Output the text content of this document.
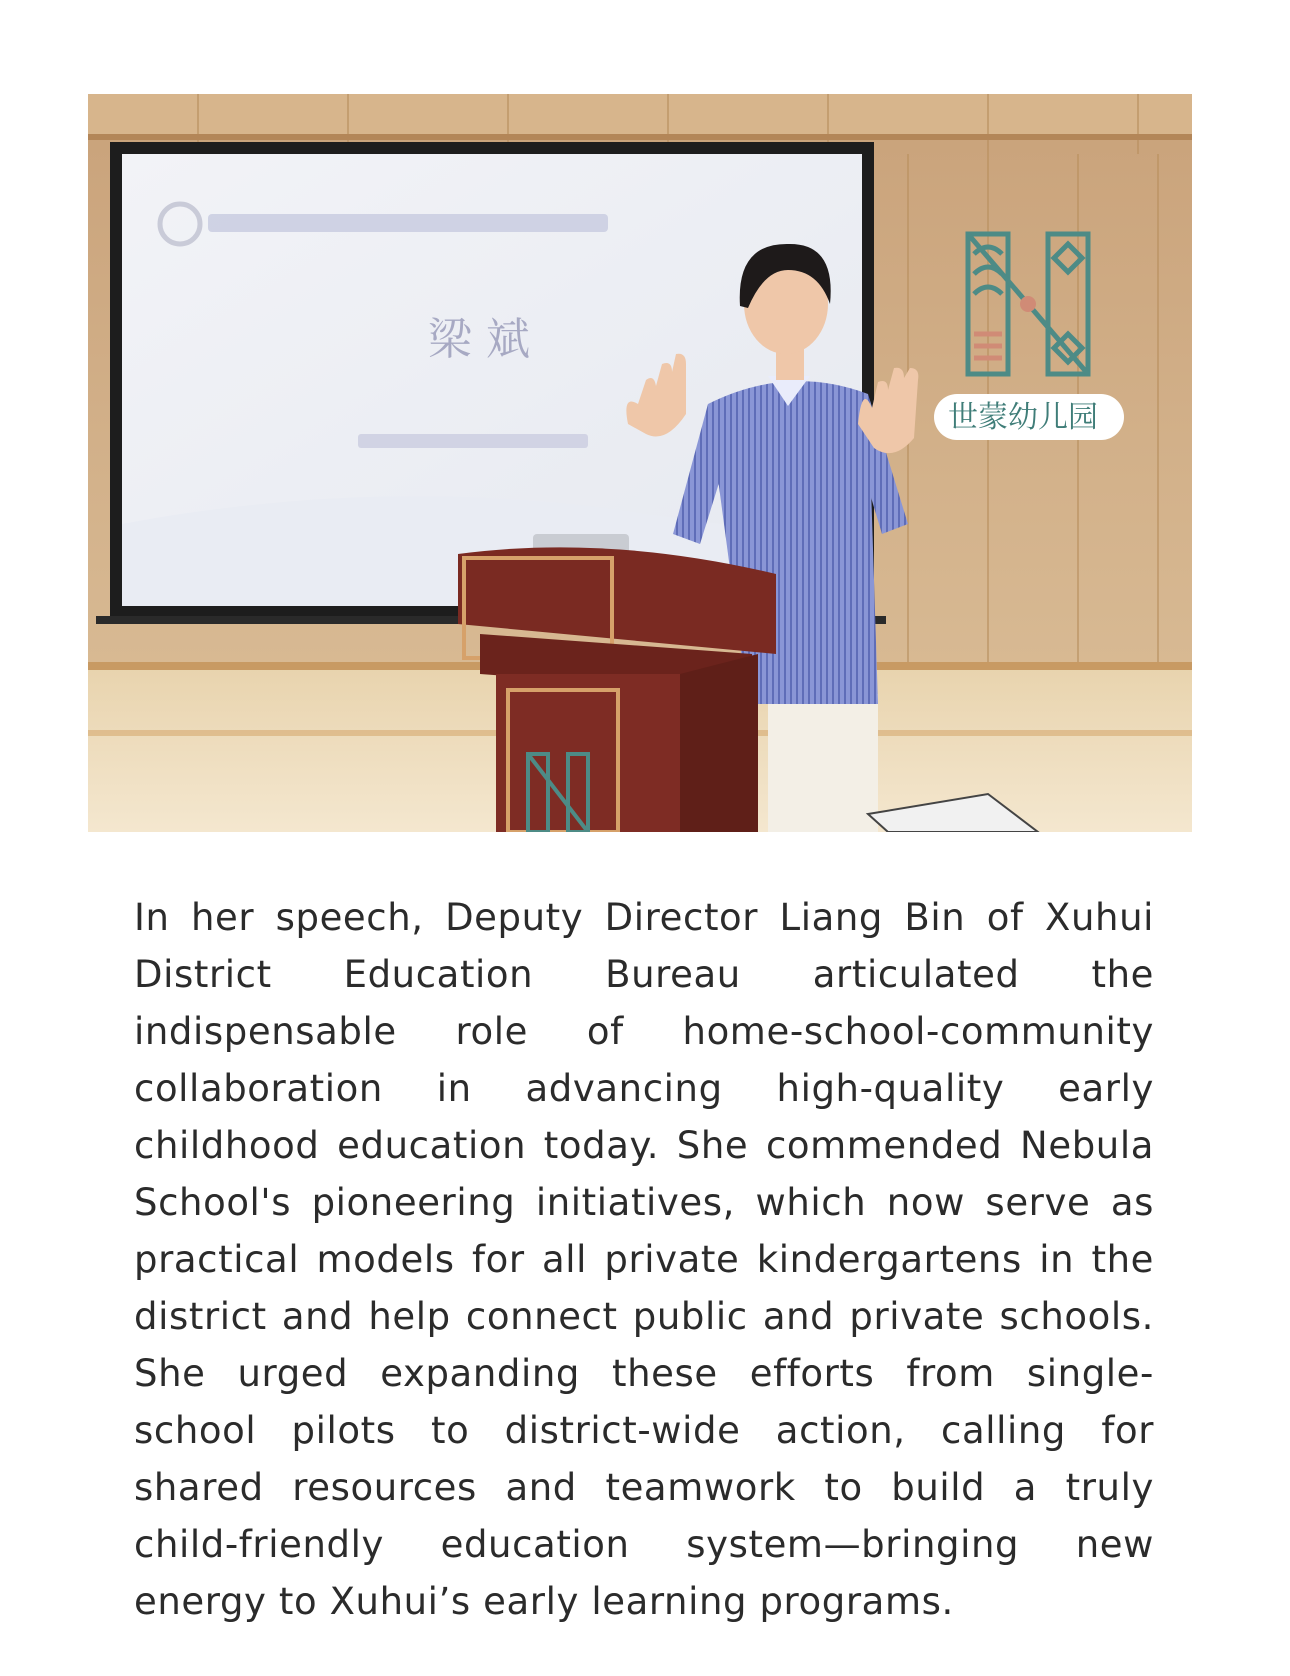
梁 斌
世蒙幼儿园

In her speech, Deputy Director Liang Bin of Xuhui District Education Bureau articulated the indispensable role of home-school-community collaboration in advancing high-quality early childhood education today. She commended Nebula School's pioneering initiatives, which now serve as practical models for all private kindergartens in the district and help connect public and private schools. She urged expanding these efforts from single-school pilots to district-wide action, calling for shared resources and teamwork to build a truly child-friendly education system—bringing new energy to Xuhui’s early learning programs.
